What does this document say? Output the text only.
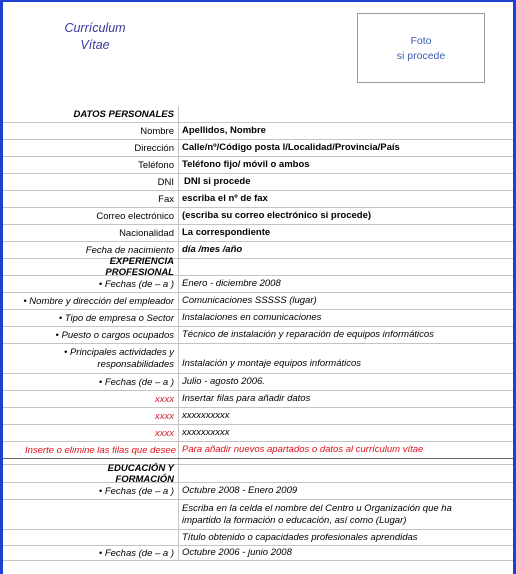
Currículum
Vítae	Foto
si procede
DATOS PERSONALES
Nombre Apellidos, Nombre
Dirección Calle/nº/Código posta l/Localidad/Provincia/País
Teléfono Teléfono fijo/ móvil o ambos
DNI	DNI si procede
Fax escriba el nº de fax
Correo electrónico (escriba su correo electrónico si procede)
Nacionalidad La correspondiente
Fecha de nacimiento día /mes /año
EXPERIENCIA PROFESIONAL
• Fechas (de – a ) Enero - diciembre 2008
• Nombre y dirección del empleador Comunicaciones SSSSS (lugar)
• Tipo de empresa o Sector Instalaciones en comunicaciones
• Puesto o cargos ocupados Técnico de instalación y reparación de equipos informáticos
• Principales actividades y
responsabilidades Instalación y montaje equipos informáticos
• Fechas (de – a ) Julio - agosto 2006.
xxxx Insertar filas para añadir datos
xxxx xxxxxxxxxx
xxxx xxxxxxxxxx
Inserte o elimine las filas que desee Para añadir nuevos apartados o datos al currículum vítae
EDUCACIÓN Y FORMACIÓN
• Fechas (de – a ) Octubre 2008 - Enero 2009
Escriba en la celda el nombre del Centro u Organización que ha impartido la formación o educación, así como (Lugar)
Título obtenido o capacidades profesionales aprendidas
• Fechas (de – a ) Octubre 2006 - junio 2008
